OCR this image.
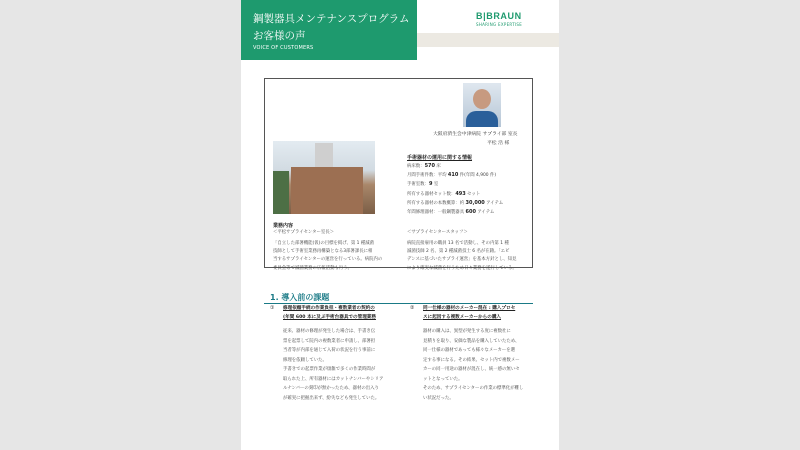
鋼製器具メンテナンスプログラム
お客様の声
VOICE OF CUSTOMERS
B|BRAUN
SHARING EXPERTISE
大阪府済生会中津病院 サプライ部 室長
平松 浩 様
手術器材の運用に関する情報
病床数：570 床
月間手術件数：平均 410 件(年間 4,900 件)
手術室数：9 室
所有する器材セット数：493 セット
所有する器材の本数概算：約 30,000 アイテム
年間修理器材：一般鋼製器具 600 アイテム
業務内容
＜平松サプライセンター室長＞
「自立した部署機能(仮)の目標を掲げ、第 1 種滅菌
技師として手術室業務再構築となる3部署課長に相
当するサプライセンターの運営を行っている。病院内の
委員会等で滅菌業務の広報活動も行う。
＜サプライセンタースタッフ＞
病院直接雇用の職員 13 名で活動し、その内第 1 種
滅菌技師 2 名、第 2 種滅菌技士 6 名が在籍。「エビ
デンスに基づいたサプライ運営」を基本方針とし、知見
により確実な滅菌を行うため日々業務を遂行している。
1. 導入前の課題
① 修理依頼手続の作業負担・複数業者の契約の
(年間 600 本に及ぶ手術台器具での管理業務
従来、器材の修理が発生した場合は、手書き伝
票を起票して院内の複数業者に申請し、部署担
当者等が内部を通じて入荷の状況を行う事前に
修理を依頼していた。
手書きでの起票作業が煩雑で多くの作業時間が
取られた上、所有器材にはカットナンバーやシリア
ルナンバーの刻印が無かったため、器材の出入り
が確実に把握出来ず、紛失なども発生していた。
② 同一仕様の器材のメーカー混在 : 購入プロセ
スに起因する複数メーカーからの購入
器材の購入は、異型が発生する度に複数社に
見積りを取り、安価な製品を購入していたため、
同一仕様の器材であっても様々なメーカーを選
定する事になる。その結果、セット内で複数メー
カーの同一用途の器材が混在し、統一感の無いセ
ットとなっていた。
そのため、サプライセンターの作業の標準化が難し
い状況だった。
